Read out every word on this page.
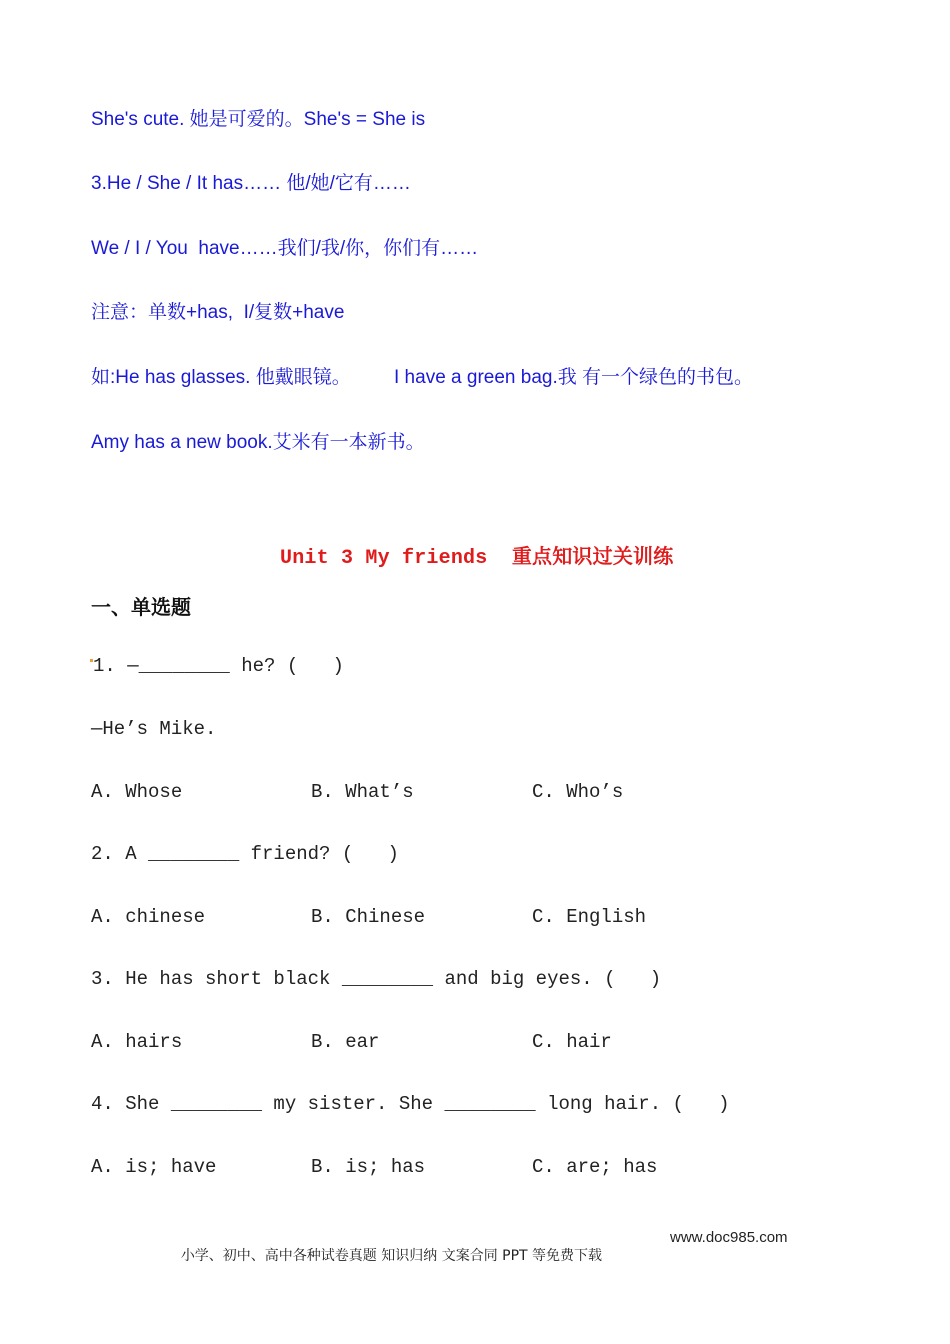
She's cute. 她是可爱的。She's = She is
3.He / She / It has…… 他/她/它有……
We / I / You  have……我们/我/你，你们有……
注意：单数+has,  I/复数+have
如:He has glasses. 他戴眼镜。 I have a green bag.我 有一个绿色的书包。
Amy has a new book.艾米有一本新书。
Unit 3 My friends  重点知识过关训练
一、单选题
1. —________ he? (   )
—He’s Mike.
A. Whose	B. What’s	C. Who’s
2. A ________ friend? (   )
A. chinese	B. Chinese	C. English
3. He has short black ________ and big eyes. (   )
A. hairs	B. ear	C. hair
4. She ________ my sister. She ________ long hair. (   )
A. is; have	B. is; has	C. are; has

小学、初中、高中各种试卷真题 知识归纳 文案合同 PPT 等免费下载

www.doc985.com
